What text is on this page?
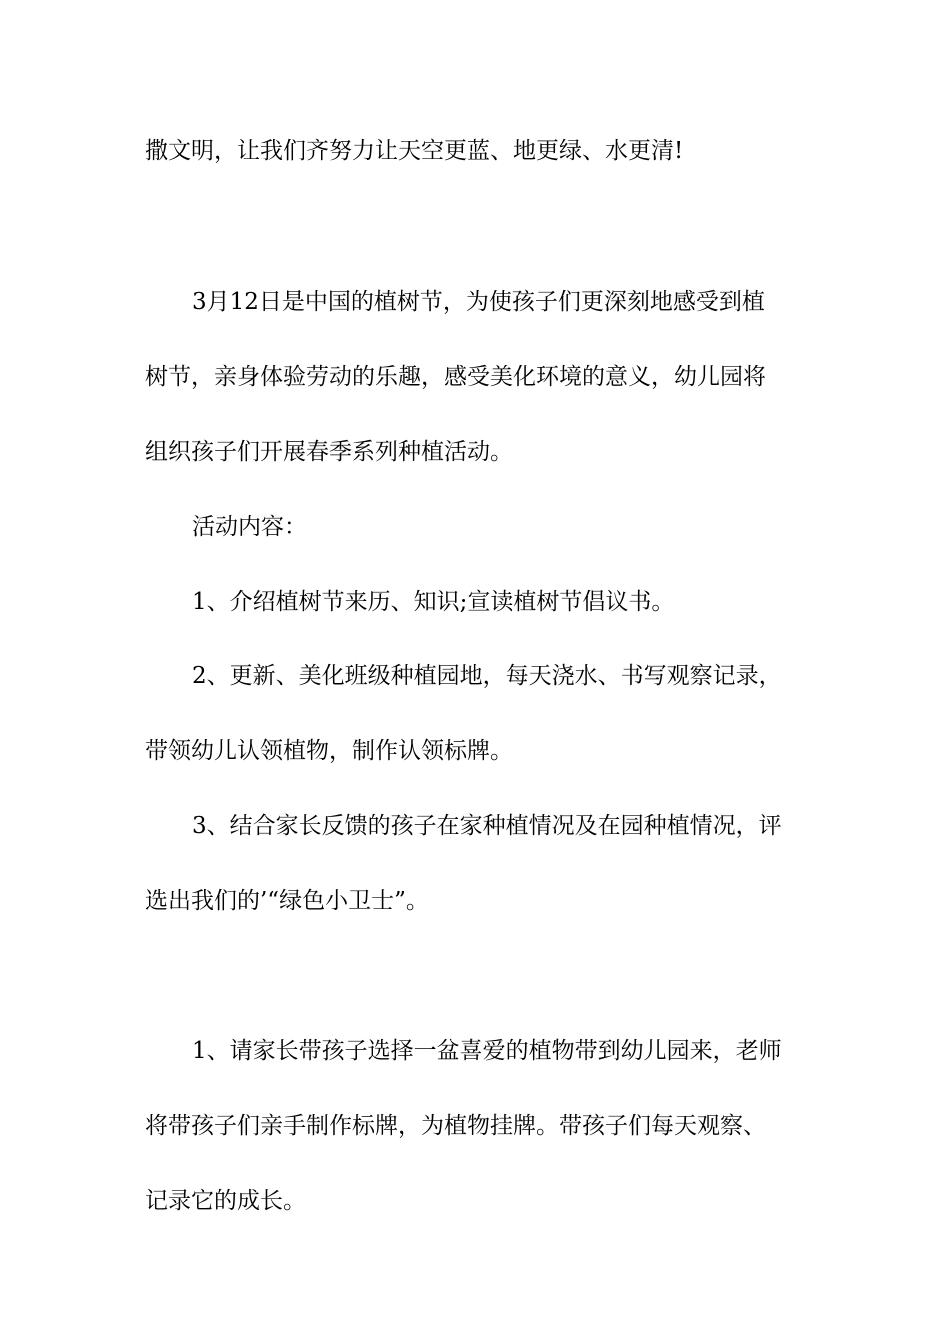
撒文明，让我们齐努力让天空更蓝、地更绿、水更清!
3月12日是中国的植树节，为使孩子们更深刻地感受到植
树节，亲身体验劳动的乐趣，感受美化环境的意义，幼儿园将
组织孩子们开展春季系列种植活动。
活动内容：
1、介绍植树节来历、知识;宣读植树节倡议书。
2、更新、美化班级种植园地，每天浇水、书写观察记录，
带领幼儿认领植物，制作认领标牌。
3、结合家长反馈的孩子在家种植情况及在园种植情况，评
选出我们的’“绿色小卫士”。
1、请家长带孩子选择一盆喜爱的植物带到幼儿园来，老师
将带孩子们亲手制作标牌，为植物挂牌。带孩子们每天观察、
记录它的成长。
